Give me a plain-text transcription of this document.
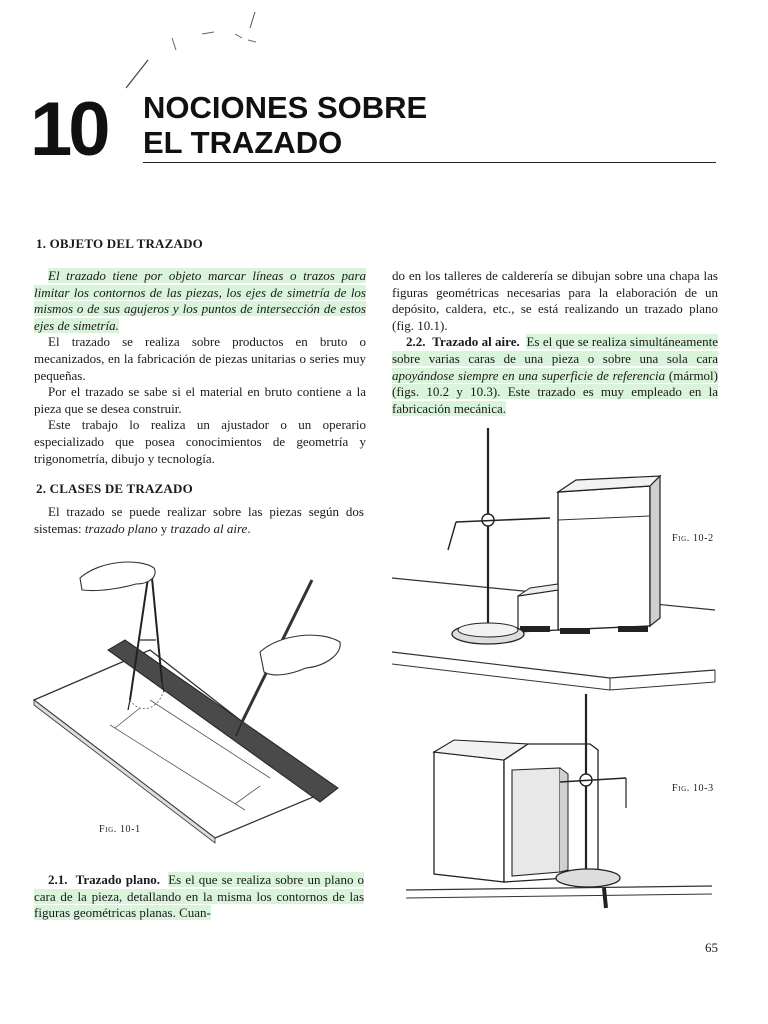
10 NOCIONES SOBRE
EL TRAZADO
1. OBJETO DEL TRAZADO

El trazado tiene por objeto marcar líneas o trazos para limitar los contornos de las piezas, los ejes de simetría de los mismos o de sus agujeros y los puntos de intersección de estos ejes de simetría.

El trazado se realiza sobre productos en bruto o mecanizados, en la fabricación de piezas unitarias o series muy pequeñas.

Por el trazado se sabe si el material en bruto contiene a la pieza que se desea construir.

Este trabajo lo realiza un ajustador o un operario especializado que posea conocimientos de geometría y trigonometría, dibujo y tecnología.

2. CLASES DE TRAZADO

El trazado se puede realizar sobre las piezas según dos sistemas: trazado plano y trazado al aire.

Fig. 10-1

2.1. Trazado plano. Es el que se realiza sobre un plano o cara de la pieza, detallando en la misma los contornos de las figuras geométricas planas. Cuan-

do en los talleres de calderería se dibujan sobre una chapa las figuras geométricas necesarias para la elaboración de un depósito, caldera, etc., se está realizando un trazado plano (fig. 10.1).

2.2. Trazado al aire. Es el que se realiza simultáneamente sobre varias caras de una pieza o sobre una sola cara apoyándose siempre en una superficie de referencia (mármol) (figs. 10.2 y 10.3). Este trazado es muy empleado en la fabricación mecánica.

Fig. 10-2
Fig. 10-3
65
